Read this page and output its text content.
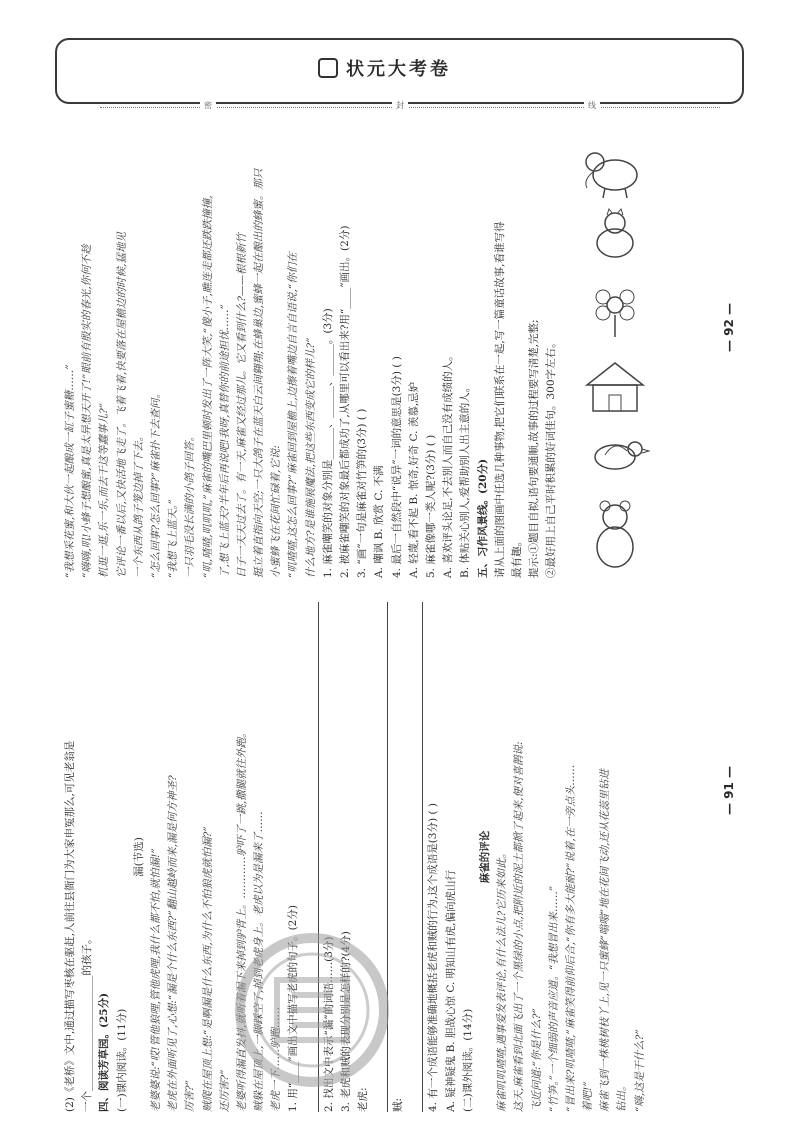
状元大考卷
密	封	线
— 91 —
— 92 —
(2)《老桥》文中,通过描写枣核在驱赶,人前往县衙门为大家申冤那么,可见老翁是 一个______________________的孩子。 四、阅读芳草园。(25分) (一)课内阅读。(11分)
漏(节选) 老婆婆说:“哎!管他狼哩,管他虎哩,我什么都不怕,就怕漏!” 老虎在外面听见了,心想:“漏是个什么东西?”翻山越岭而来,漏是何方神圣? 厉害?” 贼爬在屋顶上想:“是啊漏是什么东西,为什么不怕狼虎就怕漏?” 还厉害?” 老婆听得漏直发抖,就听着漏下来掉到驴背上。…………驴吓了一跳,撒腿就往外跑。 贼躲在屋顶上,一脚踩空了,掉到老虎身上。老虎以为是漏来了…… 老虎一下……驴跑…… 1. 用“____”画出文中描写老虎的句子。(2分)	2. 找出文中表示“漏”的词语……(3分) 3. 老虎和贼的表现分别是怎样的?(4分) 老虎:	贼:	4. 有一个成语能够准确地概括老虎和贼的行为,这个成语是(3分) ( ) A. 疑神疑鬼 B. 胆战心惊 C. 明知山有虎,偏向虎山行 (二)课外阅读。(14分)
麻雀的评论 麻雀叽叽喳喳,遇事爱发表评论,有什么法儿?它历来如此。 这天,麻雀看到北面飞出了一个黑绿的小点,把附近的泥土都掀了起来,便对喜鹊说: 飞近问道:“你是什么?” “竹笋。”一个细弱的声音应道。“我想冒出来……” “冒出来?叽喳喳,”麻雀笑得前仰后合,“你有多大能耐?”说着,在一旁点头…… 着吧!” 麻雀飞到一株桃树枝丫上,见一只蜜蜂“嗡嗡”地在花间飞动,还从花蕊里钻进 钻出。 “嗨,这是干什么?”
“我想采花蜜,和大伙一起酿成一缸子蜜糖……” “嗨嗨,叽!小蜂子想酿蜜,真是太异想天开了!”眼前有殷实的春光,你何不趁 机逛一逛,乐一乐,而去干这等蠢事儿?” 它评论一番以后,又快活地飞走了。飞着飞着,快要落在屋檐边的时候,猛地见 一个东西从鸽子笼边掉了下去。 “怎么回事?怎么回事?”麻雀扑下去查问。 “我想飞上蓝天。” 一只羽毛没长满的小鸽子回答。 “叽,喳喳,叽叽叽,”麻雀的嘴巴里顿时发出了一阵大笑,“傻小子,瞧连走都还跌跌撞撞, 了,想飞上蓝天?半年后再说吧!我呀,真替你的前途担忧……” 日子一天天过去了。有一天,麻雀又经过那儿。它又看到什么?——根根新竹 挺立着直指向天空;一只大鸽子在蓝天白云间翱翔;在蜂巢边,蜜蜂一起在酿出的蜂蜜。那只 小蜜蜂飞在花间忙碌着,它说: “叽喳喳,这怎么回事?”麻雀回到屋檐上,边擦着嘴边自言自语说,“你们在 什么地方?是谁施展魔法,把这些东西变成它的样儿?” 1. 麻雀嘲笑的对象分别是______、______、______。(3分) 2. 被麻雀嘲笑的对象最后都成功了,从哪里可以看出来?用“____”画出。(2分) 3. “画”一句是麻雀对竹笋的(3分) ( ) A. 嘲讽 B. 欣赏 C. 不满 4. 最后一自然段中“说异”一词的意思是(3分) ( ) A. 轻蔑,看不起 B. 惊奇,好奇 C. 羡慕,忌妒 5. 麻雀像哪一类人呢?(3分) ( ) A. 喜欢评头论足,不去别人而自己没有成绩的人。 B. 体贴关心别人,爱帮助别人出主意的人。 五、习作风景线。(20分) 请从上面的图画中任选几种事物,把它们联系在一起,写一篇童话故事,看谁写得 最有趣。 提示:①题目自拟,语句要通顺,故事的过程要写清楚,完整; ②最好用上自己平时积累的好词佳句。300字左右。
